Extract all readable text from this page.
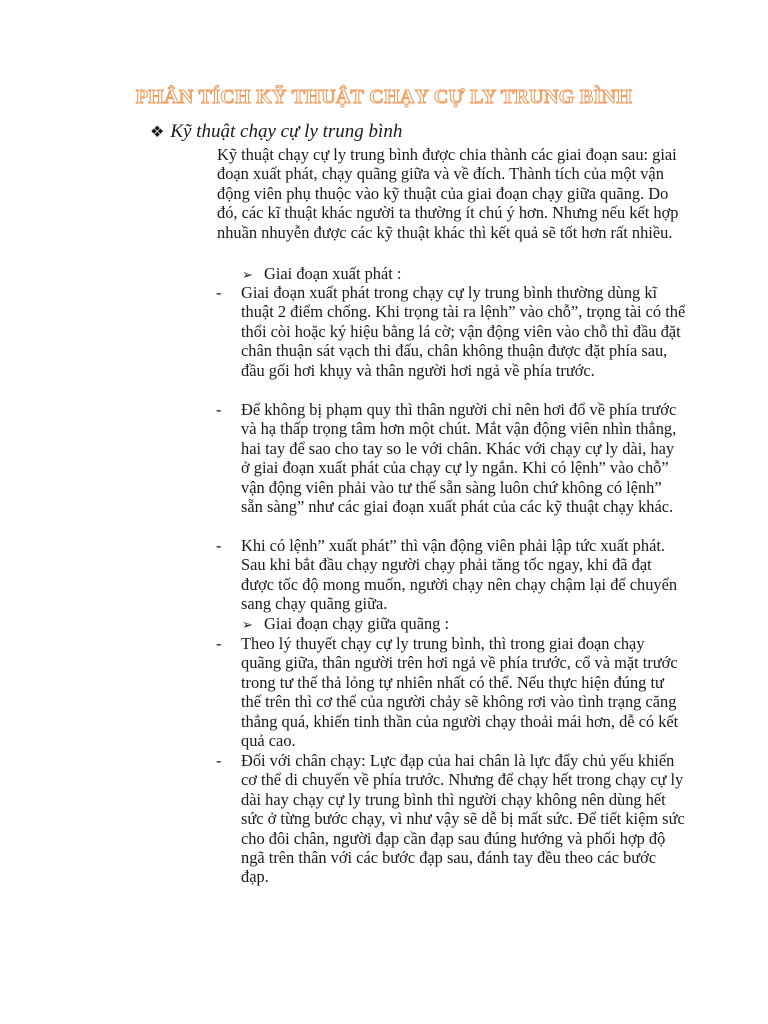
PHÂN TÍCH KỸ THUẬT CHẠY CỰ LY TRUNG BÌNH
❖ Kỹ thuật chạy cự ly trung bình

Kỹ thuật chạy cự ly trung bình được chia thành các giai đoạn sau: giai đoạn xuất phát, chạy quãng giữa và về đích. Thành tích của một vận động viên phụ thuộc vào kỹ thuật của giai đoạn chạy giữa quãng. Do đó, các kĩ thuật khác người ta thường ít chú ý hơn. Nhưng nếu kết hợp nhuần nhuyễn được các kỹ thuật khác thì kết quả sẽ tốt hơn rất nhiều.

➢ Giai đoạn xuất phát :
- Giai đoạn xuất phát trong chạy cự ly trung bình thường dùng kĩ thuật 2 điểm chống. Khi trọng tài ra lệnh” vào chỗ”, trọng tài có thể thổi còi hoặc ký hiệu bằng lá cờ; vận động viên vào chỗ thì đầu đặt chân thuận sát vạch thi đấu, chân không thuận được đặt phía sau, đầu gối hơi khụy và thân người hơi ngả về phía trước.

- Để không bị phạm quy thì thân người chỉ nên hơi đổ về phía trước và hạ thấp trọng tâm hơn một chút. Mắt vận động viên nhìn thẳng, hai tay để sao cho tay so le với chân. Khác với chạy cự ly dài, hay ở giai đoạn xuất phát của chạy cự ly ngắn. Khi có lệnh” vào chỗ” vận động viên phải vào tư thế sẵn sàng luôn chứ không có lệnh” sẵn sàng” như các giai đoạn xuất phát của các kỹ thuật chạy khác.

- Khi có lệnh” xuất phát” thì vận động viên phải lập tức xuất phát. Sau khi bắt đầu chạy người chạy phải tăng tốc ngay, khi đã đạt được tốc độ mong muốn, người chạy nên chạy chậm lại để chuyển sang chạy quãng giữa.

➢ Giai đoạn chạy giữa quãng :
- Theo lý thuyết chạy cự ly trung bình, thì trong giai đoạn chạy quãng giữa, thân người trên hơi ngả về phía trước, cổ và mặt trước trong tư thế thả lỏng tự nhiên nhất có thể. Nếu thực hiện đúng tư thế trên thì cơ thể của người chảy sẽ không rơi vào tình trạng căng thẳng quá, khiến tinh thần của người chạy thoải mái hơn, dễ có kết quả cao.

- Đối với chân chạy: Lực đạp của hai chân là lực đẩy chủ yếu khiến cơ thể di chuyển về phía trước. Nhưng để chạy hết trong chạy cự ly dài hay chạy cự ly trung bình thì người chạy không nên dùng hết sức ở từng bước chạy, vì như vậy sẽ dễ bị mất sức. Để tiết kiệm sức cho đôi chân, người đạp cần đạp sau đúng hướng và phối hợp độ ngã trên thân với các bước đạp sau, đánh tay đều theo các bước đạp.
